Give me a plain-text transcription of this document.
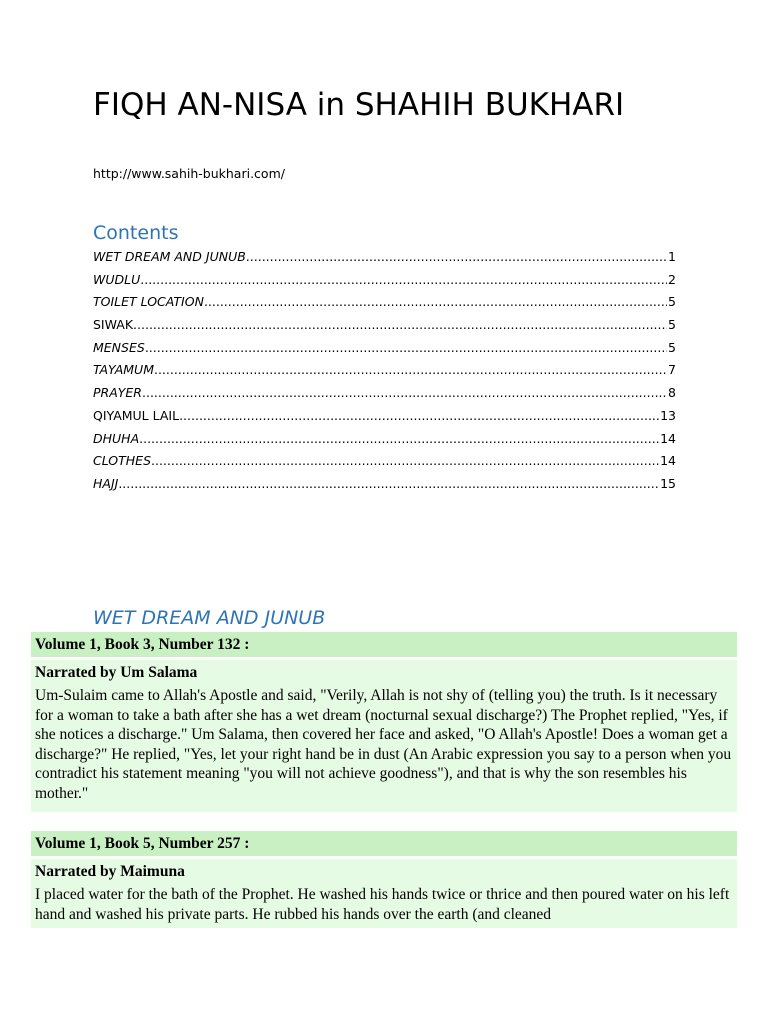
FIQH AN-NISA in SHAHIH BUKHARI
http://www.sahih-bukhari.com/
Contents
WET DREAM AND JUNUB .....	1
WUDLU .....	2
TOILET LOCATION .....	5
SIWAK .....	5
MENSES .....	5
TAYAMUM .....	7
PRAYER .....	8
QIYAMUL LAIL .....	13
DHUHA .....	14
CLOTHES .....	14
HAJJ .....	15
WET DREAM AND JUNUB
Volume 1, Book 3, Number 132 :
Narrated by Um Salama
Um-Sulaim came to Allah's Apostle and said, "Verily, Allah is not shy of (telling you) the truth. Is it necessary for a woman to take a bath after she has a wet dream (nocturnal sexual discharge?) The Prophet replied, "Yes, if she notices a discharge." Um Salama, then covered her face and asked, "O Allah's Apostle! Does a woman get a discharge?" He replied, "Yes, let your right hand be in dust (An Arabic expression you say to a person when you contradict his statement meaning "you will not achieve goodness"), and that is why the son resembles his mother."
Volume 1, Book 5, Number 257 :
Narrated by Maimuna
I placed water for the bath of the Prophet. He washed his hands twice or thrice and then poured water on his left hand and washed his private parts. He rubbed his hands over the earth (and cleaned
